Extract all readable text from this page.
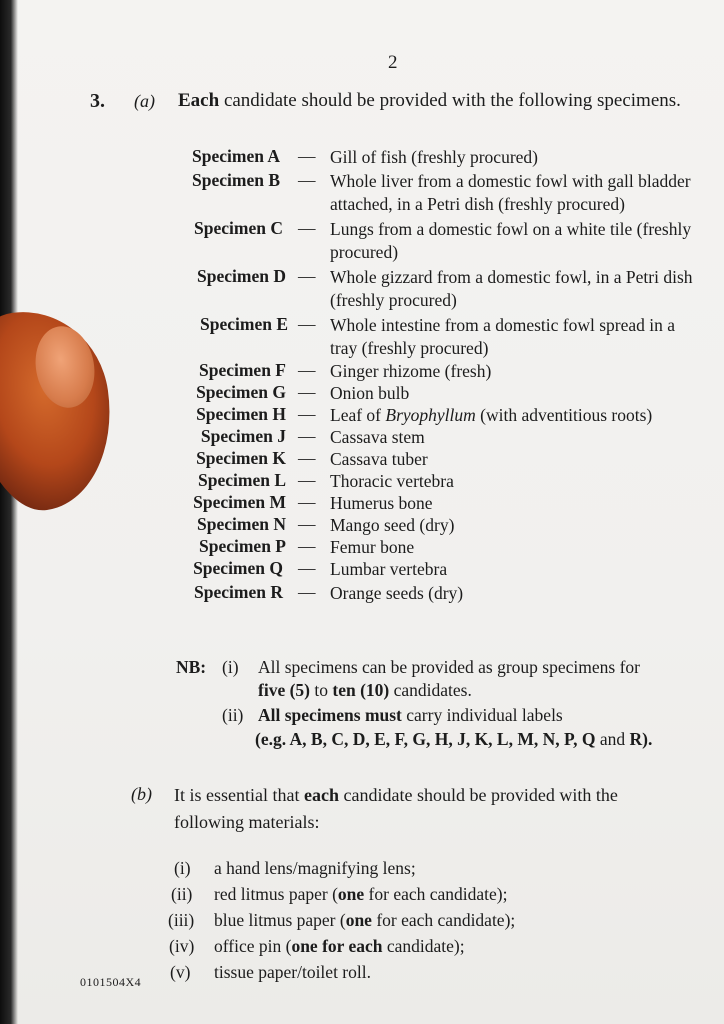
2
3. (a) Each candidate should be provided with the following specimens.
Specimen A — Gill of fish (freshly procured)
Specimen B — Whole liver from a domestic fowl with gall bladder attached, in a Petri dish (freshly procured)
Specimen C — Lungs from a domestic fowl on a white tile (freshly procured)
Specimen D — Whole gizzard from a domestic fowl, in a Petri dish (freshly procured)
Specimen E — Whole intestine from a domestic fowl spread in a tray (freshly procured)
Specimen F — Ginger rhizome (fresh)
Specimen G — Onion bulb
Specimen H — Leaf of Bryophyllum (with adventitious roots)
Specimen J — Cassava stem
Specimen K — Cassava tuber
Specimen L — Thoracic vertebra
Specimen M — Humerus bone
Specimen N — Mango seed (dry)
Specimen P — Femur bone
Specimen Q — Lumbar vertebra
Specimen R — Orange seeds (dry)
NB: (i) All specimens can be provided as group specimens for
five (5) to ten (10) candidates.
(ii) All specimens must carry individual labels
(e.g. A, B, C, D, E, F, G, H, J, K, L, M, N, P, Q and R).
(b) It is essential that each candidate should be provided with the following materials:
(i) a hand lens/magnifying lens;
(ii) red litmus paper (one for each candidate);
(iii) blue litmus paper (one for each candidate);
(iv) office pin (one for each candidate);
(v) tissue paper/toilet roll.
0101504X4
